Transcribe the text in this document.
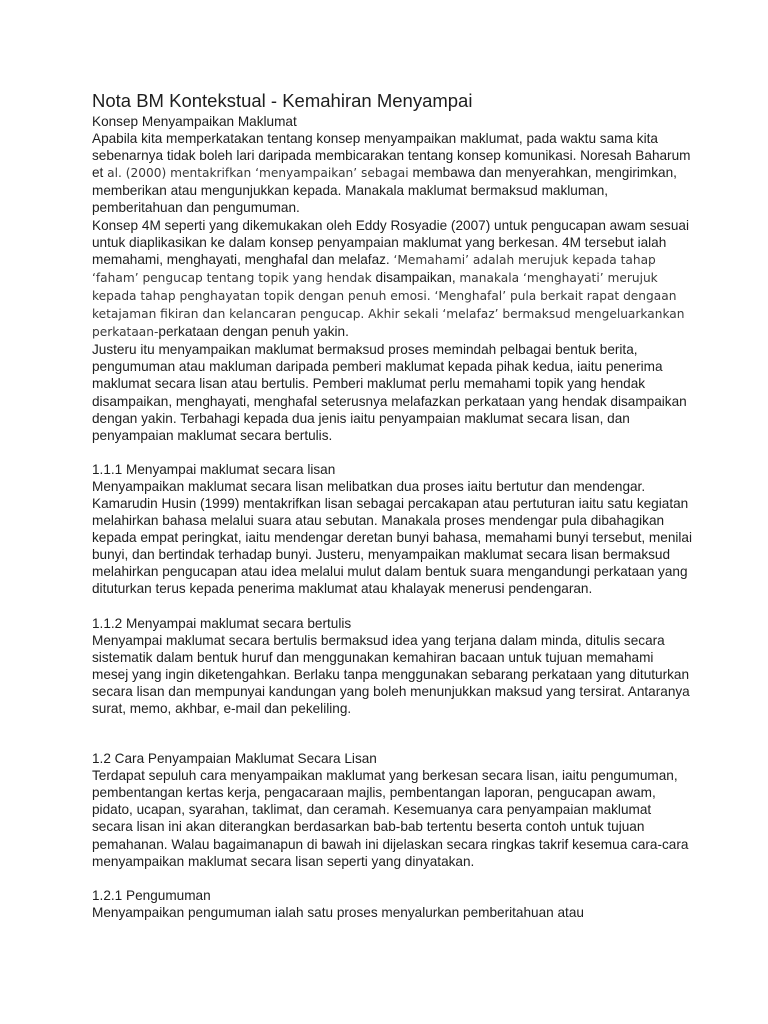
Nota BM Kontekstual - Kemahiran Menyampai
Konsep Menyampaikan Maklumat

Apabila kita memperkatakan tentang konsep menyampaikan maklumat, pada waktu sama kita sebenarnya tidak boleh lari daripada membicarakan tentang konsep komunikasi. Noresah Baharum et al. (2000) mentakrifkan ‘menyampaikan’ sebagai membawa dan menyerahkan, mengirimkan, memberikan atau mengunjukkan kepada. Manakala maklumat bermaksud makluman, pemberitahuan dan pengumuman.

Konsep 4M seperti yang dikemukakan oleh Eddy Rosyadie (2007) untuk pengucapan awam sesuai untuk diaplikasikan ke dalam konsep penyampaian maklumat yang berkesan. 4M tersebut ialah memahami, menghayati, menghafal dan melafaz. ‘Memahami’ adalah merujuk kepada tahap ‘faham’ pengucap tentang topik yang hendak disampaikan, manakala ‘menghayati’ merujuk kepada tahap penghayatan topik dengan penuh emosi. ‘Menghafal’ pula berkait rapat dengaan ketajaman fikiran dan kelancaran pengucap. Akhir sekali ‘melafaz’ bermaksud mengeluarkankan perkataan-perkataan dengan penuh yakin.

Justeru itu menyampaikan maklumat bermaksud proses memindah pelbagai bentuk berita, pengumuman atau makluman daripada pemberi maklumat kepada pihak kedua, iaitu penerima maklumat secara lisan atau bertulis. Pemberi maklumat perlu memahami topik yang hendak disampaikan, menghayati, menghafal seterusnya melafazkan perkataan yang hendak disampaikan dengan yakin. Terbahagi kepada dua jenis iaitu penyampaian maklumat secara lisan, dan penyampaian maklumat secara bertulis.

1.1.1 Menyampai maklumat secara lisan

Menyampaikan maklumat secara lisan melibatkan dua proses iaitu bertutur dan mendengar. Kamarudin Husin (1999) mentakrifkan lisan sebagai percakapan atau pertuturan iaitu satu kegiatan melahirkan bahasa melalui suara atau sebutan. Manakala proses mendengar pula dibahagikan kepada empat peringkat, iaitu mendengar deretan bunyi bahasa, memahami bunyi tersebut, menilai bunyi, dan bertindak terhadap bunyi. Justeru, menyampaikan maklumat secara lisan bermaksud melahirkan pengucapan atau idea melalui mulut dalam bentuk suara mengandungi perkataan yang dituturkan terus kepada penerima maklumat atau khalayak menerusi pendengaran.

1.1.2 Menyampai maklumat secara bertulis

Menyampai maklumat secara bertulis bermaksud idea yang terjana dalam minda, ditulis secara sistematik dalam bentuk huruf dan menggunakan kemahiran bacaan untuk tujuan memahami mesej yang ingin diketengahkan. Berlaku tanpa menggunakan sebarang perkataan yang dituturkan secara lisan dan mempunyai kandungan yang boleh menunjukkan maksud yang tersirat. Antaranya surat, memo, akhbar, e-mail dan pekeliling.

1.2 Cara Penyampaian Maklumat Secara Lisan

Terdapat sepuluh cara menyampaikan maklumat yang berkesan secara lisan, iaitu pengumuman, pembentangan kertas kerja, pengacaraan majlis, pembentangan laporan, pengucapan awam, pidato, ucapan, syarahan, taklimat, dan ceramah. Kesemuanya cara penyampaian maklumat secara lisan ini akan diterangkan berdasarkan bab-bab tertentu beserta contoh untuk tujuan pemahanan. Walau bagaimanapun di bawah ini dijelaskan secara ringkas takrif kesemua cara-cara menyampaikan maklumat secara lisan seperti yang dinyatakan.

1.2.1 Pengumuman

Menyampaikan pengumuman ialah satu proses menyalurkan pemberitahuan atau
